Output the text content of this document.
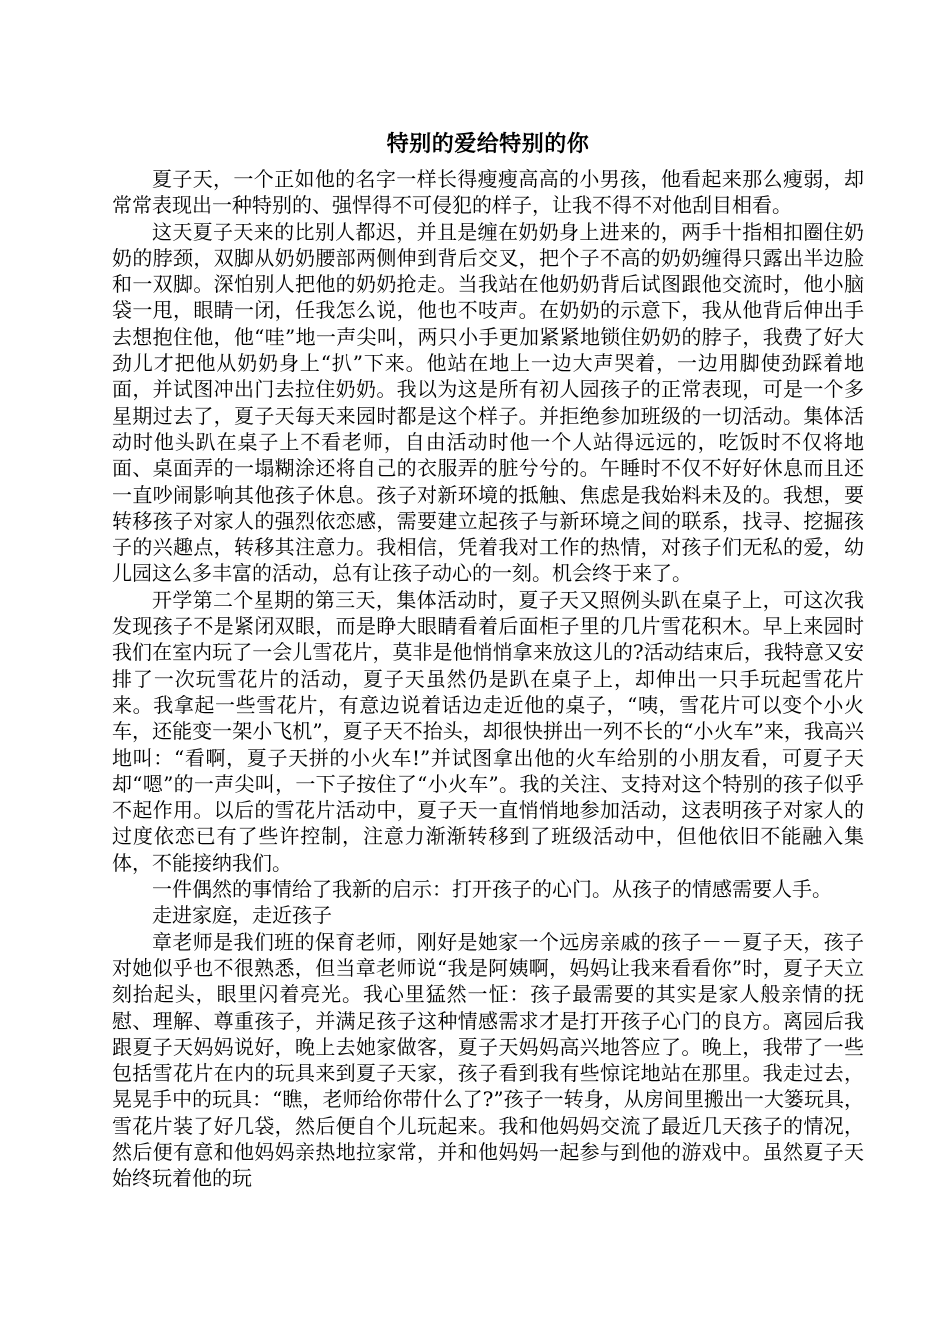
特别的爱给特别的你

夏子天，一个正如他的名字一样长得瘦瘦高高的小男孩，他看起来那么瘦弱，却常常表现出一种特别的、强悍得不可侵犯的样子，让我不得不对他刮目相看。

这天夏子天来的比别人都迟，并且是缠在奶奶身上进来的，两手十指相扣圈住奶奶的脖颈，双脚从奶奶腰部两侧伸到背后交叉，把个子不高的奶奶缠得只露出半边脸和一双脚。深怕别人把他的奶奶抢走。当我站在他奶奶背后试图跟他交流时，他小脑袋一甩，眼睛一闭，任我怎么说，他也不吱声。在奶奶的示意下，我从他背后伸出手去想抱住他，他“哇”地一声尖叫，两只小手更加紧紧地锁住奶奶的脖子，我费了好大劲儿才把他从奶奶身上“扒”下来。他站在地上一边大声哭着，一边用脚使劲踩着地面，并试图冲出门去拉住奶奶。我以为这是所有初人园孩子的正常表现，可是一个多星期过去了，夏子天每天来园时都是这个样子。并拒绝参加班级的一切活动。集体活动时他头趴在桌子上不看老师，自由活动时他一个人站得远远的，吃饭时不仅将地面、桌面弄的一塌糊涂还将自己的衣服弄的脏兮兮的。午睡时不仅不好好休息而且还一直吵闹影响其他孩子休息。孩子对新环境的抵触、焦虑是我始料未及的。我想，要转移孩子对家人的强烈依恋感，需要建立起孩子与新环境之间的联系，找寻、挖掘孩子的兴趣点，转移其注意力。我相信，凭着我对工作的热情，对孩子们无私的爱，幼儿园这么多丰富的活动，总有让孩子动心的一刻。机会终于来了。

开学第二个星期的第三天，集体活动时，夏子天又照例头趴在桌子上，可这次我发现孩子不是紧闭双眼，而是睁大眼睛看着后面柜子里的几片雪花积木。早上来园时我们在室内玩了一会儿雪花片，莫非是他悄悄拿来放这儿的?活动结束后，我特意又安排了一次玩雪花片的活动，夏子天虽然仍是趴在桌子上，却伸出一只手玩起雪花片来。我拿起一些雪花片，有意边说着话边走近他的桌子，“咦，雪花片可以变个小火车，还能变一架小飞机”，夏子天不抬头，却很快拼出一列不长的“小火车”来，我高兴地叫：“看啊，夏子天拼的小火车!”并试图拿出他的火车给别的小朋友看，可夏子天却“嗯”的一声尖叫，一下子按住了“小火车”。我的关注、支持对这个特别的孩子似乎不起作用。以后的雪花片活动中，夏子天一直悄悄地参加活动，这表明孩子对家人的过度依恋已有了些许控制，注意力渐渐转移到了班级活动中，但他依旧不能融入集体，不能接纳我们。

一件偶然的事情给了我新的启示：打开孩子的心门。从孩子的情感需要人手。

走进家庭，走近孩子

章老师是我们班的保育老师，刚好是她家一个远房亲戚的孩子－－夏子天，孩子对她似乎也不很熟悉，但当章老师说“我是阿姨啊，妈妈让我来看看你”时，夏子天立刻抬起头，眼里闪着亮光。我心里猛然一怔：孩子最需要的其实是家人般亲情的抚慰、理解、尊重孩子，并满足孩子这种情感需求才是打开孩子心门的良方。离园后我跟夏子天妈妈说好，晚上去她家做客，夏子天妈妈高兴地答应了。晚上，我带了一些包括雪花片在内的玩具来到夏子天家，孩子看到我有些惊诧地站在那里。我走过去，晃晃手中的玩具：“瞧，老师给你带什么了?”孩子一转身，从房间里搬出一大篓玩具，雪花片装了好几袋，然后便自个儿玩起来。我和他妈妈交流了最近几天孩子的情况，然后便有意和他妈妈亲热地拉家常，并和他妈妈一起参与到他的游戏中。虽然夏子天始终玩着他的玩
